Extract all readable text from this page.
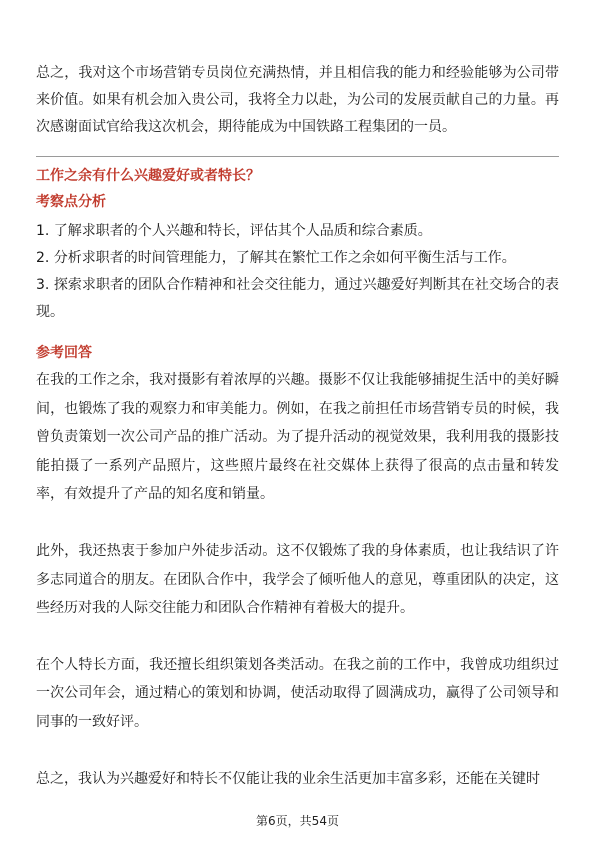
总之，我对这个市场营销专员岗位充满热情，并且相信我的能力和经验能够为公司带来价值。如果有机会加入贵公司，我将全力以赴，为公司的发展贡献自己的力量。再次感谢面试官给我这次机会，期待能成为中国铁路工程集团的一员。

工作之余有什么兴趣爱好或者特长？
考察点分析

1. 了解求职者的个人兴趣和特长，评估其个人品质和综合素质。

2. 分析求职者的时间管理能力，了解其在繁忙工作之余如何平衡生活与工作。

3. 探索求职者的团队合作精神和社会交往能力，通过兴趣爱好判断其在社交场合的表现。

参考回答

在我的工作之余，我对摄影有着浓厚的兴趣。摄影不仅让我能够捕捉生活中的美好瞬间，也锻炼了我的观察力和审美能力。例如，在我之前担任市场营销专员的时候，我曾负责策划一次公司产品的推广活动。为了提升活动的视觉效果，我利用我的摄影技能拍摄了一系列产品照片，这些照片最终在社交媒体上获得了很高的点击量和转发率，有效提升了产品的知名度和销量。

此外，我还热衷于参加户外徒步活动。这不仅锻炼了我的身体素质，也让我结识了许多志同道合的朋友。在团队合作中，我学会了倾听他人的意见，尊重团队的决定，这些经历对我的人际交往能力和团队合作精神有着极大的提升。

在个人特长方面，我还擅长组织策划各类活动。在我之前的工作中，我曾成功组织过一次公司年会，通过精心的策划和协调，使活动取得了圆满成功，赢得了公司领导和同事的一致好评。

总之，我认为兴趣爱好和特长不仅能让我的业余生活更加丰富多彩，还能在关键时

第6页，共54页
